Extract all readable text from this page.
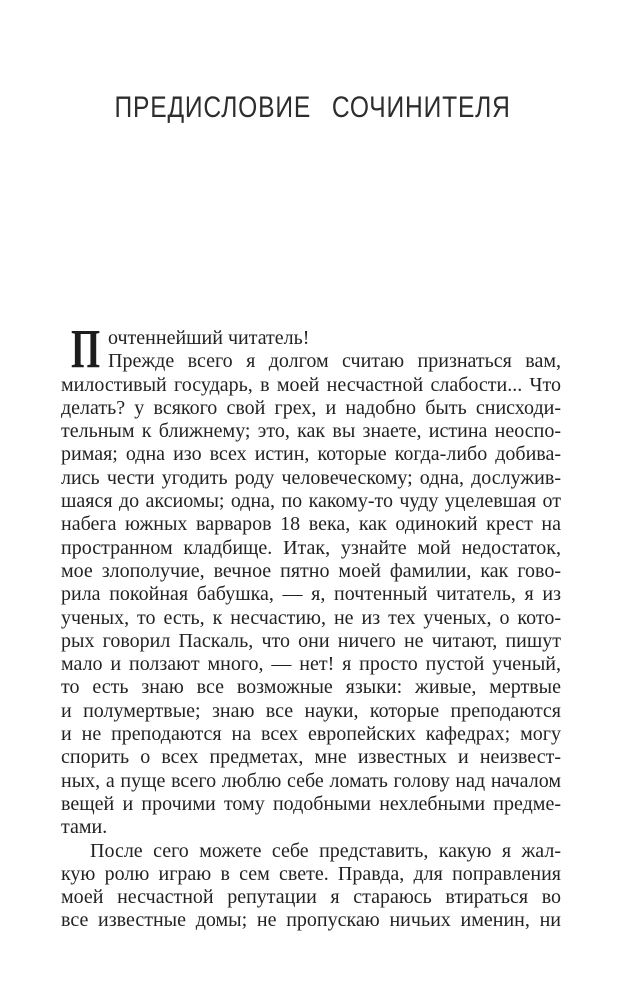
ПРЕДИСЛОВИЕ СОЧИНИТЕЛЯ
П очтеннейший читатель!
Прежде всего я долгом считаю признаться вам,
милостивый государь, в моей несчастной слабости... Что
делать? у всякого свой грех, и надобно быть снисходи-
тельным к ближнему; это, как вы знаете, истина неоспо-
римая; одна изо всех истин, которые когда-либо добива-
лись чести угодить роду человеческому; одна, дослужив-
шаяся до аксиомы; одна, по какому-то чуду уцелевшая от
набега южных варваров 18 века, как одинокий крест на
пространном кладбище. Итак, узнайте мой недостаток,
мое злополучие, вечное пятно моей фамилии, как гово-
рила покойная бабушка, — я, почтенный читатель, я из
ученых, то есть, к несчастию, не из тех ученых, о кото-
рых говорил Паскаль, что они ничего не читают, пишут
мало и ползают много, — нет! я просто пустой ученый,
то есть знаю все возможные языки: живые, мертвые
и полумертвые; знаю все науки, которые преподаются
и не преподаются на всех европейских кафедрах; могу
спорить о всех предметах, мне известных и неизвест-
ных, а пуще всего люблю себе ломать голову над началом
вещей и прочими тому подобными нехлебными предме-
тами.
После сего можете себе представить, какую я жал-
кую ролю играю в сем свете. Правда, для поправления
моей несчастной репутации я стараюсь втираться во
все известные домы; не пропускаю ничьих именин, ни
